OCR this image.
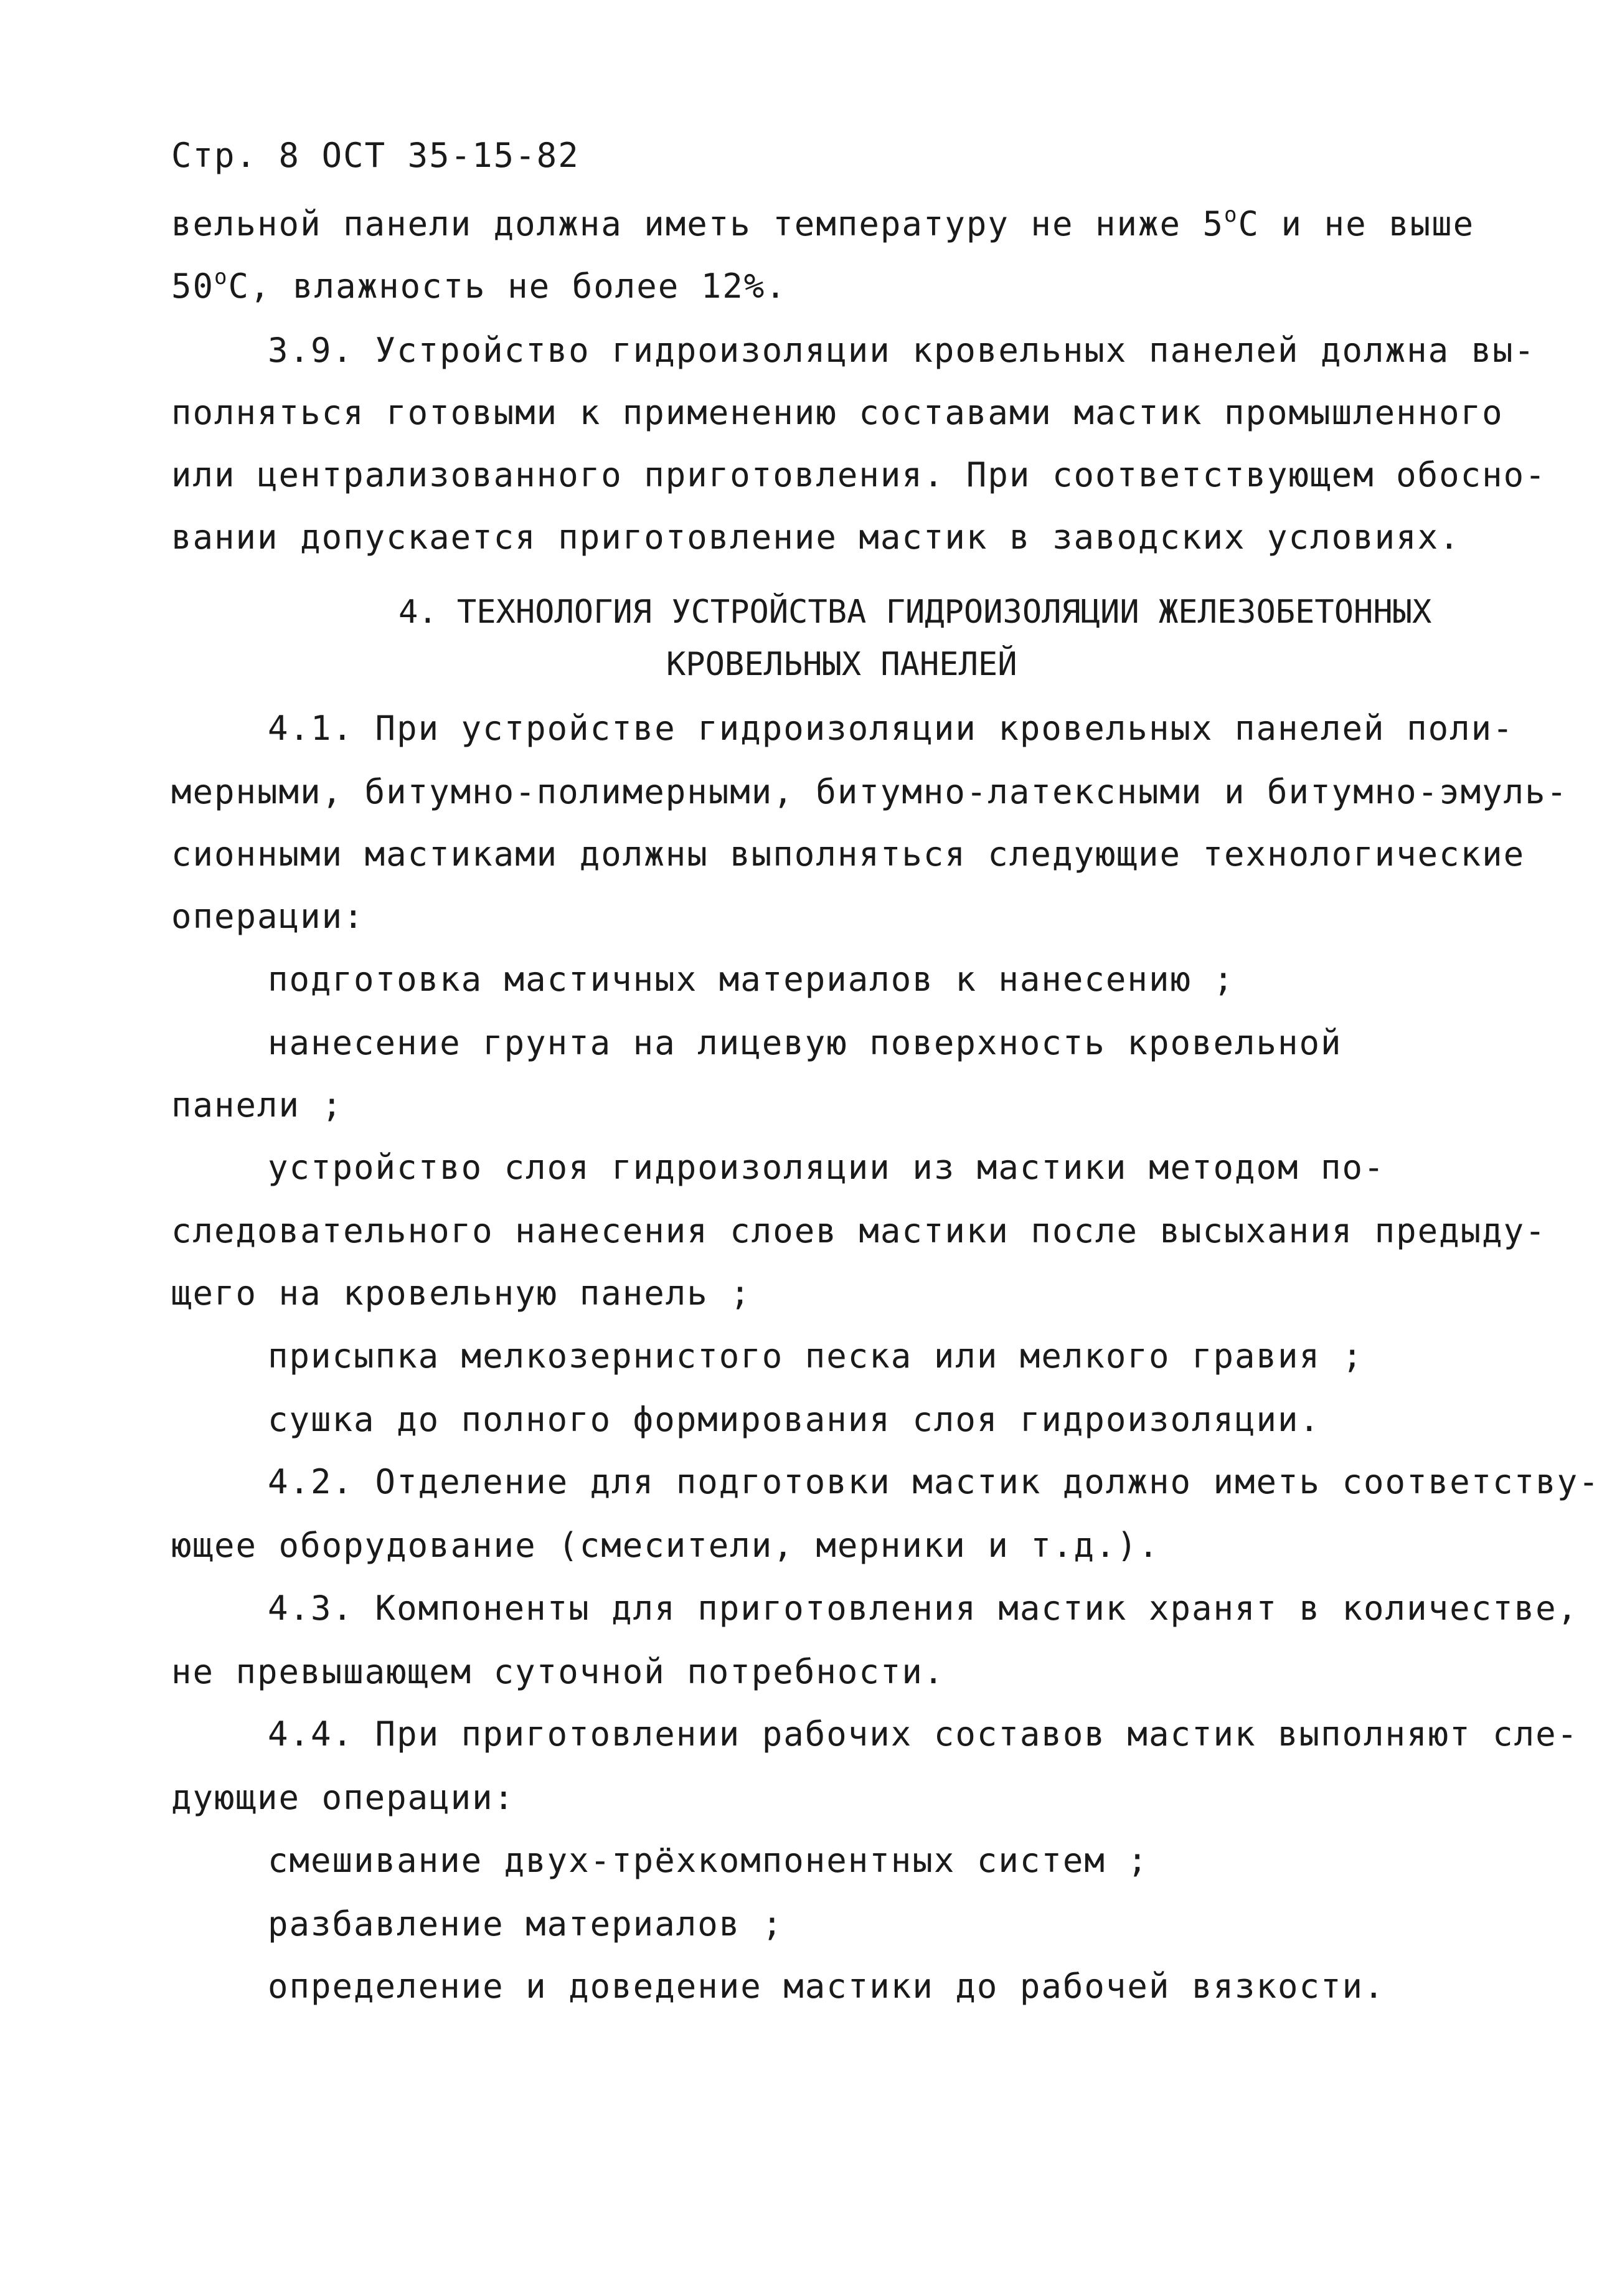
Стр. 8 ОСТ 35-15-82
вельной панели должна иметь температуру не ниже $5^оС$ и не выше
$50^оС$, влажность не более 12%.
3.9. Устройство гидроизоляции кровельных панелей должна вы-
полняться готовыми к применению составами мастик промышленного
или централизованного приготовления. При соответствующем обосно-
вании допускается приготовление мастик в заводских условиях.
4. ТЕХНОЛОГИЯ УСТРОЙСТВА ГИДРОИЗОЛЯЦИИ ЖЕЛЕЗОБЕТОННЫХ
КРОВЕЛЬНЫХ ПАНЕЛЕЙ
4.1. При устройстве гидроизоляции кровельных панелей поли-
мерными, битумно-полимерными, битумно-латексными и битумно-эмуль-
сионными мастиками должны выполняться следующие технологические
операции:
подготовка мастичных материалов к нанесению ;
нанесение грунта на лицевую поверхность кровельной
панели ;
устройство слоя гидроизоляции из мастики методом по-
следовательного нанесения слоев мастики после высыхания предыду-
щего на кровельную панель ;
присыпка мелкозернистого песка или мелкого гравия ;
сушка до полного формирования слоя гидроизоляции.
4.2. Отделение для подготовки мастик должно иметь соответству-
ющее оборудование (смесители, мерники и т.д.).
4.3. Компоненты для приготовления мастик хранят в количестве,
не превышающем суточной потребности.
4.4. При приготовлении рабочих составов мастик выполняют сле-
дующие операции:
смешивание двух-трёхкомпонентных систем ;
разбавление материалов ;
определение и доведение мастики до рабочей вязкости.
